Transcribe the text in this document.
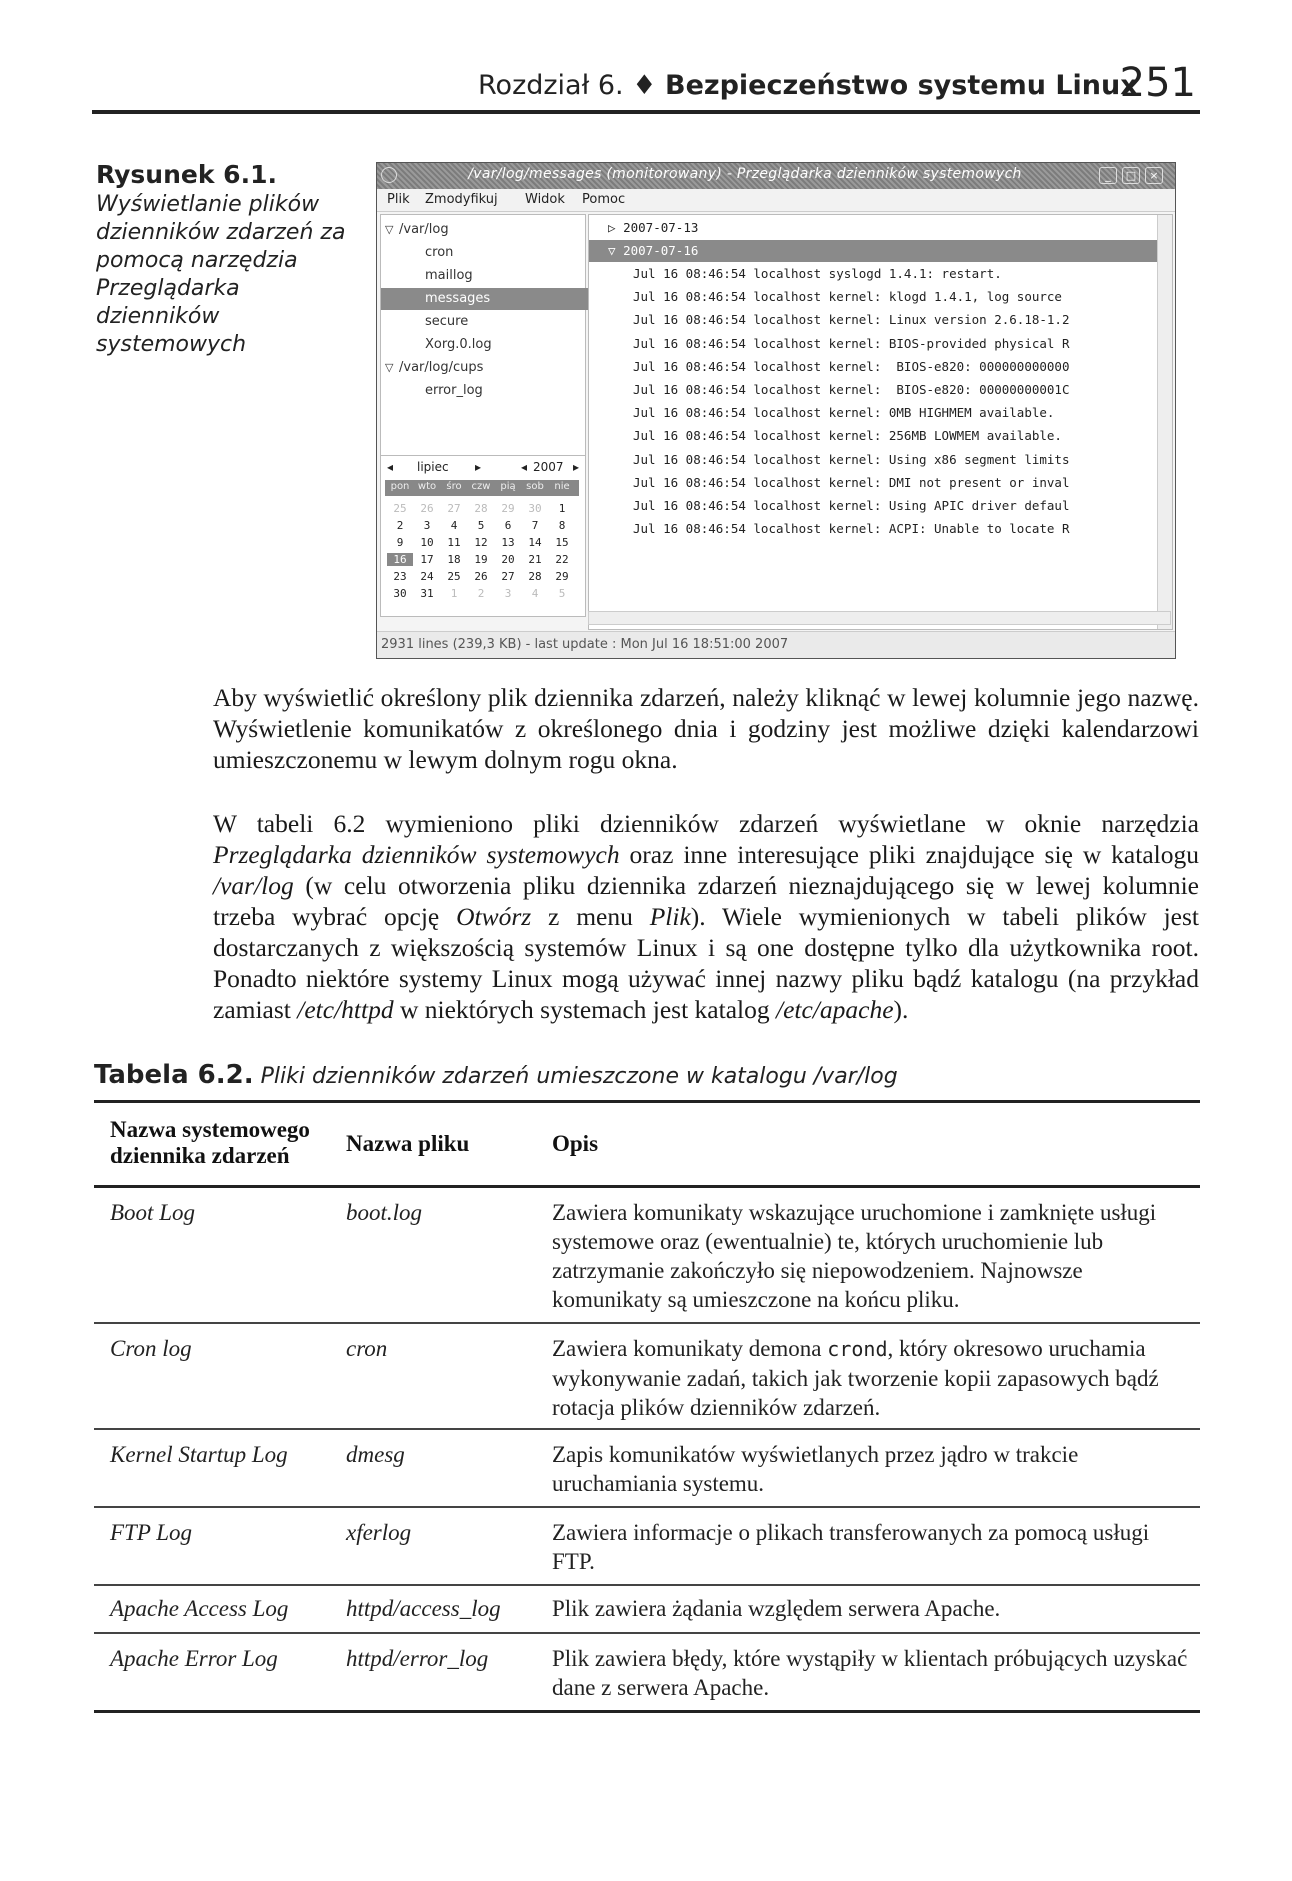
Rozdział 6. ♦ Bezpieczeństwo systemu Linux
251
Rysunek 6.1.
Wyświetlanie plików dzienników zdarzeń za pomocą narzędzia Przeglądarka dzienników systemowych
/var/log/messages (monitorowany) - Przeglądarka dzienników systemowych	_	□	×
Plik Zmodyfikuj Widok Pomoc
▽ /var/log
cron
maillog
messages
secure
Xorg.0.log
▽ /var/log/cups
error_log
◂ lipiec ▸	◂ 2007 ▸
pon wto	śro czw pią	sob	nie
25	26	27	28	29	30	1
2	3	4	5	6	7	8
9	10	11	12	13	14	15
16	17	18	19	20	21	22
23	24	25	26	27	28	29
30	31	1	2	3	4	5
▷ 2007-07-13
▽ 2007-07-16
Jul 16 08:46:54 localhost syslogd 1.4.1: restart.
Jul 16 08:46:54 localhost kernel: klogd 1.4.1, log source
Jul 16 08:46:54 localhost kernel: Linux version 2.6.18-1.2
Jul 16 08:46:54 localhost kernel: BIOS-provided physical R
Jul 16 08:46:54 localhost kernel:  BIOS-e820: 000000000000
Jul 16 08:46:54 localhost kernel:  BIOS-e820: 00000000001C
Jul 16 08:46:54 localhost kernel: 0MB HIGHMEM available.
Jul 16 08:46:54 localhost kernel: 256MB LOWMEM available.
Jul 16 08:46:54 localhost kernel: Using x86 segment limits
Jul 16 08:46:54 localhost kernel: DMI not present or inval
Jul 16 08:46:54 localhost kernel: Using APIC driver defaul
Jul 16 08:46:54 localhost kernel: ACPI: Unable to locate R
2931 lines (239,3 KB) - last update : Mon Jul 16 18:51:00 2007
Aby wyświetlić określony plik dziennika zdarzeń, należy kliknąć w lewej kolumnie jego nazwę. Wyświetlenie komunikatów z określonego dnia i godziny jest możliwe dzięki kalendarzowi umieszczonemu w lewym dolnym rogu okna.
W tabeli 6.2 wymieniono pliki dzienników zdarzeń wyświetlane w oknie narzędzia Przeglądarka dzienników systemowych oraz inne interesujące pliki znajdujące się w katalogu /var/log (w celu otworzenia pliku dziennika zdarzeń nieznajdującego się w lewej kolumnie trzeba wybrać opcję Otwórz z menu Plik). Wiele wymienionych w tabeli plików jest dostarczanych z większością systemów Linux i są one dostępne tylko dla użytkownika root. Ponadto niektóre systemy Linux mogą używać innej nazwy pliku bądź katalogu (na przykład zamiast /etc/httpd w niektórych systemach jest katalog /etc/apache).
Tabela 6.2. Pliki dzienników zdarzeń umieszczone w katalogu /var/log
Nazwa systemowego dziennika zdarzeń	Nazwa pliku	Opis
Boot Log	boot.log	Zawiera komunikaty wskazujące uruchomione i zamknięte usługi systemowe oraz (ewentualnie) te, których uruchomienie lub zatrzymanie zakończyło się niepowodzeniem. Najnowsze komunikaty są umieszczone na końcu pliku.
Cron log	cron	Zawiera komunikaty demona crond, który okresowo uruchamia wykonywanie zadań, takich jak tworzenie kopii zapasowych bądź rotacja plików dzienników zdarzeń.
Kernel Startup Log	dmesg	Zapis komunikatów wyświetlanych przez jądro w trakcie uruchamiania systemu.
FTP Log	xferlog	Zawiera informacje o plikach transferowanych za pomocą usługi FTP.
Apache Access Log	httpd/access_log Plik zawiera żądania względem serwera Apache.
Apache Error Log	httpd/error_log	Plik zawiera błędy, które wystąpiły w klientach próbujących uzyskać dane z serwera Apache.
